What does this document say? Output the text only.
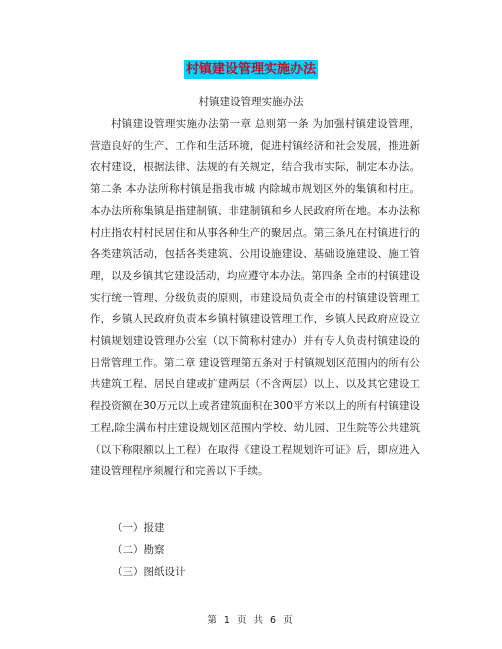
村镇建设管理实施办法
村镇建设管理实施办法

村镇建设管理实施办法第一章 总则第一条 为加强村镇建设管理，营造良好的生产、工作和生活环境，促进村镇经济和社会发展，推进新农村建设，根据法律、法规的有关规定，结合我市实际，制定本办法。第二条 本办法所称村镇是指我市城 内除城市规划区外的集镇和村庄。本办法所称集镇是指建制镇、非建制镇和乡人民政府所在地。本办法称村庄指农村村民居住和从事各种生产的聚居点。第三条凡在村镇进行的各类建筑活动，包括各类建筑、公用设施建设、基础设施建设、施工管理，以及乡镇其它建设活动，均应遵守本办法。第四条 全市的村镇建设实行统一管理、分级负责的原则，市建设局负责全市的村镇建设管理工作，乡镇人民政府负责本乡镇村镇建设管理工作，乡镇人民政府应设立村镇规划建设管理办公室（以下简称村建办）并有专人负责村镇建设的日常管理工作。第二章 建设管理第五条对于村镇规划区范围内的所有公共建筑工程、居民自建或扩建两层（不含两层）以上、以及其它建设工程投资额在30万元以上或者建筑面积在300平方米以上的所有村镇建设工程,除尘满布村庄建设规划区范围内学校、幼儿园、卫生院等公共建筑（以下称限额以上工程）在取得《建设工程规划许可证》后，即应进入建设管理程序须履行和完善以下手续。

（一）报建
（二）勘察
（三）图纸设计
第 1 页 共 6 页
